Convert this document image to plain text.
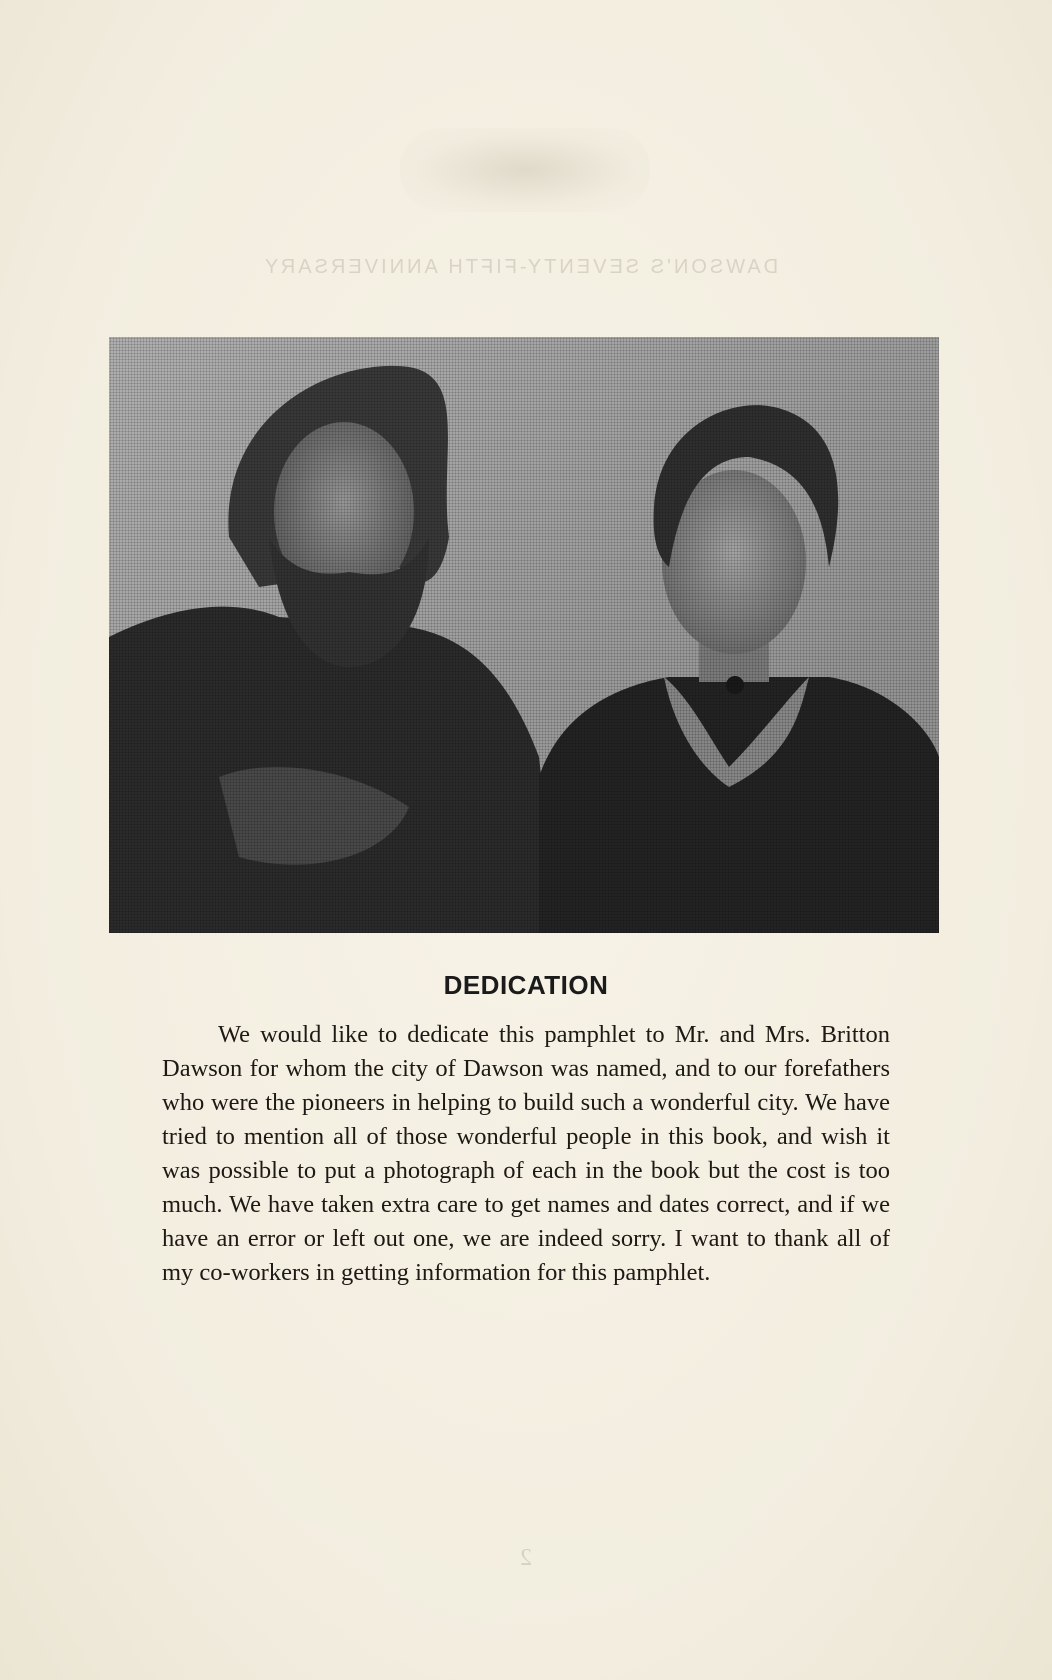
DAWSON'S SEVENTY-FIFTH ANNIVERSARY
DEDICATION

We would like to dedicate this pamphlet to Mr. and Mrs. Britton Dawson for whom the city of Dawson was named, and to our forefathers who were the pioneers in helping to build such a wonderful city. We have tried to mention all of those wonderful people in this book, and wish it was possible to put a photograph of each in the book but the cost is too much. We have taken extra care to get names and dates correct, and if we have an error or left out one, we are indeed sorry. I want to thank all of my co-workers in getting information for this pamphlet.

2
